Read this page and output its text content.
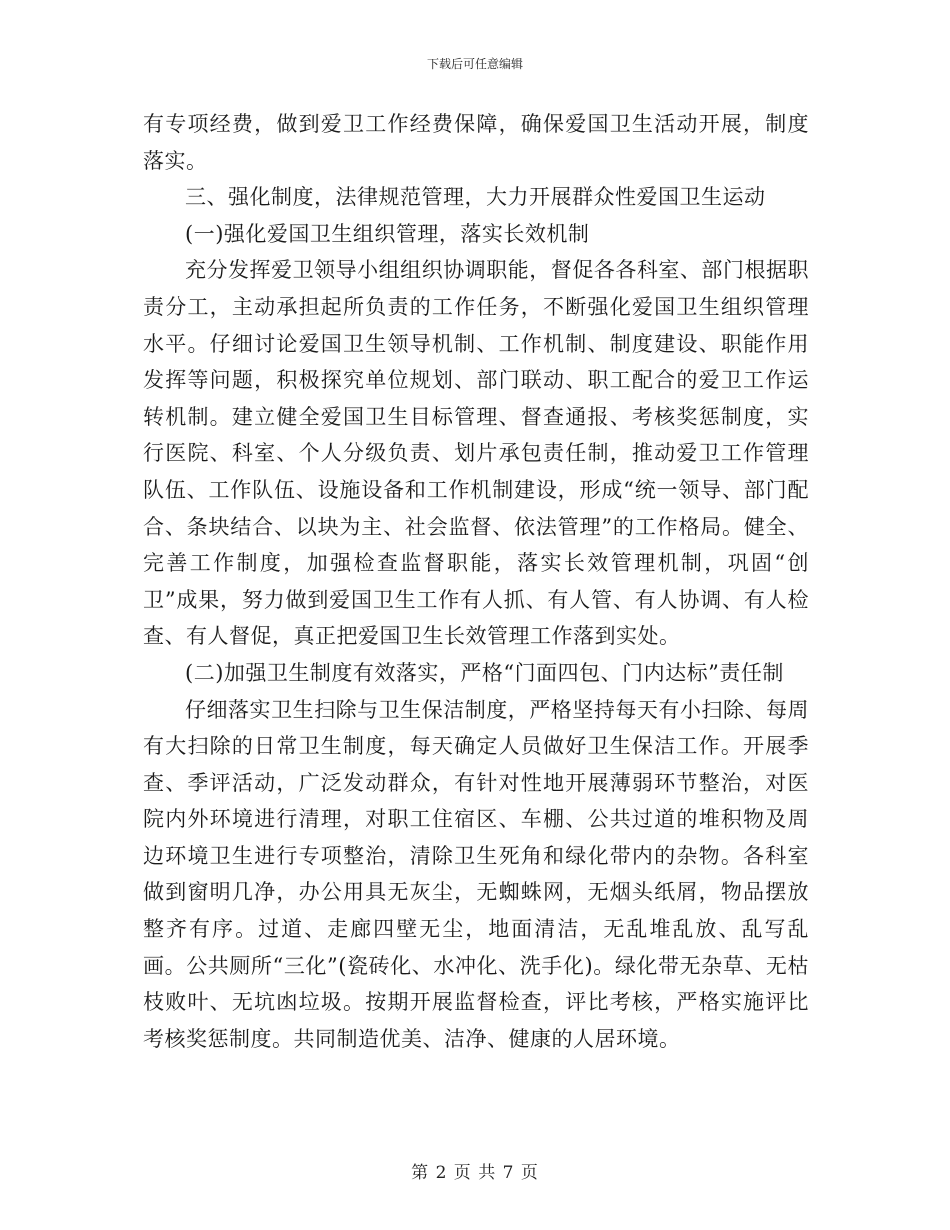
下载后可任意编辑

有专项经费，做到爱卫工作经费保障，确保爱国卫生活动开展，制度落实。

三、强化制度，法律规范管理，大力开展群众性爱国卫生运动

(一)强化爱国卫生组织管理，落实长效机制

充分发挥爱卫领导小组组织协调职能，督促各各科室、部门根据职责分工，主动承担起所负责的工作任务，不断强化爱国卫生组织管理水平。仔细讨论爱国卫生领导机制、工作机制、制度建设、职能作用发挥等问题，积极探究单位规划、部门联动、职工配合的爱卫工作运转机制。建立健全爱国卫生目标管理、督查通报、考核奖惩制度，实行医院、科室、个人分级负责、划片承包责任制，推动爱卫工作管理队伍、工作队伍、设施设备和工作机制建设，形成“统一领导、部门配合、条块结合、以块为主、社会监督、依法管理”的工作格局。健全、完善工作制度，加强检查监督职能，落实长效管理机制，巩固“创卫”成果，努力做到爱国卫生工作有人抓、有人管、有人协调、有人检查、有人督促，真正把爱国卫生长效管理工作落到实处。

(二)加强卫生制度有效落实，严格“门面四包、门内达标”责任制

仔细落实卫生扫除与卫生保洁制度，严格坚持每天有小扫除、每周有大扫除的日常卫生制度，每天确定人员做好卫生保洁工作。开展季查、季评活动，广泛发动群众，有针对性地开展薄弱环节整治，对医院内外环境进行清理，对职工住宿区、车棚、公共过道的堆积物及周边环境卫生进行专项整治，清除卫生死角和绿化带内的杂物。各科室做到窗明几净，办公用具无灰尘，无蜘蛛网，无烟头纸屑，物品摆放整齐有序。过道、走廊四壁无尘，地面清洁，无乱堆乱放、乱写乱画。公共厕所“三化”(瓷砖化、水冲化、洗手化)。绿化带无杂草、无枯枝败叶、无坑凼垃圾。按期开展监督检查，评比考核，严格实施评比考核奖惩制度。共同制造优美、洁净、健康的人居环境。

第 2 页 共 7 页
